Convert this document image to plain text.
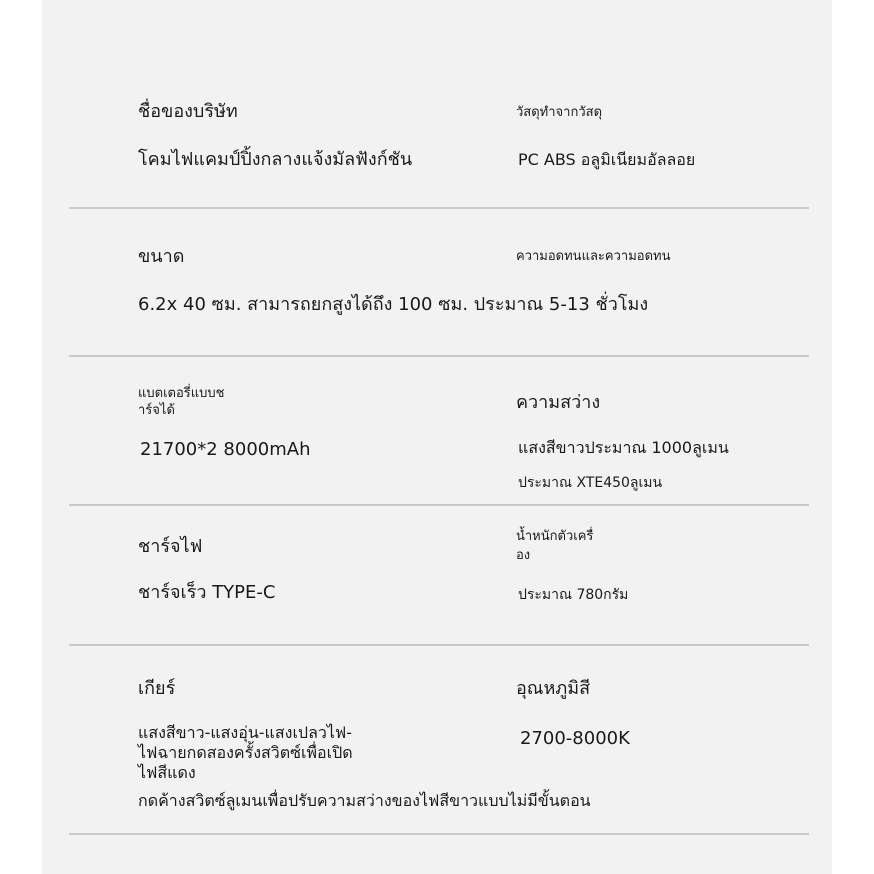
ชื่อของบริษัท
โคมไฟแคมป์ปิ้งกลางแจ้งมัลฟังก์ชัน
วัสดุทำจากวัสดุ
PC ABS อลูมิเนียมอัลลอย
ขนาด	ความอดทนและความอดทน
6.2x 40 ซม. สามารถยกสูงได้ถึง 100 ซม. ประมาณ 5-13 ชั่วโมง
แบตเตอรี่แบบช
าร์จได้
21700*2 8000mAh
ความสว่าง
แสงสีขาวประมาณ 1000ลูเมน
ประมาณ XTE450ลูเมน
ชาร์จไฟ
ชาร์จเร็ว TYPE-C
น้ำหนักตัวเครื่
อง
ประมาณ 780กรัม
เกียร์
แสงสีขาว-แสงอุ่น-แสงเปลวไฟ-
ไฟฉายกดสองครั้งสวิตซ์เพื่อเปิด
ไฟสีแดง
กดค้างสวิตซ์ลูเมนเพื่อปรับความสว่างของไฟสีขาวแบบไม่มีขั้นตอน
อุณหภูมิสี
2700-8000K
